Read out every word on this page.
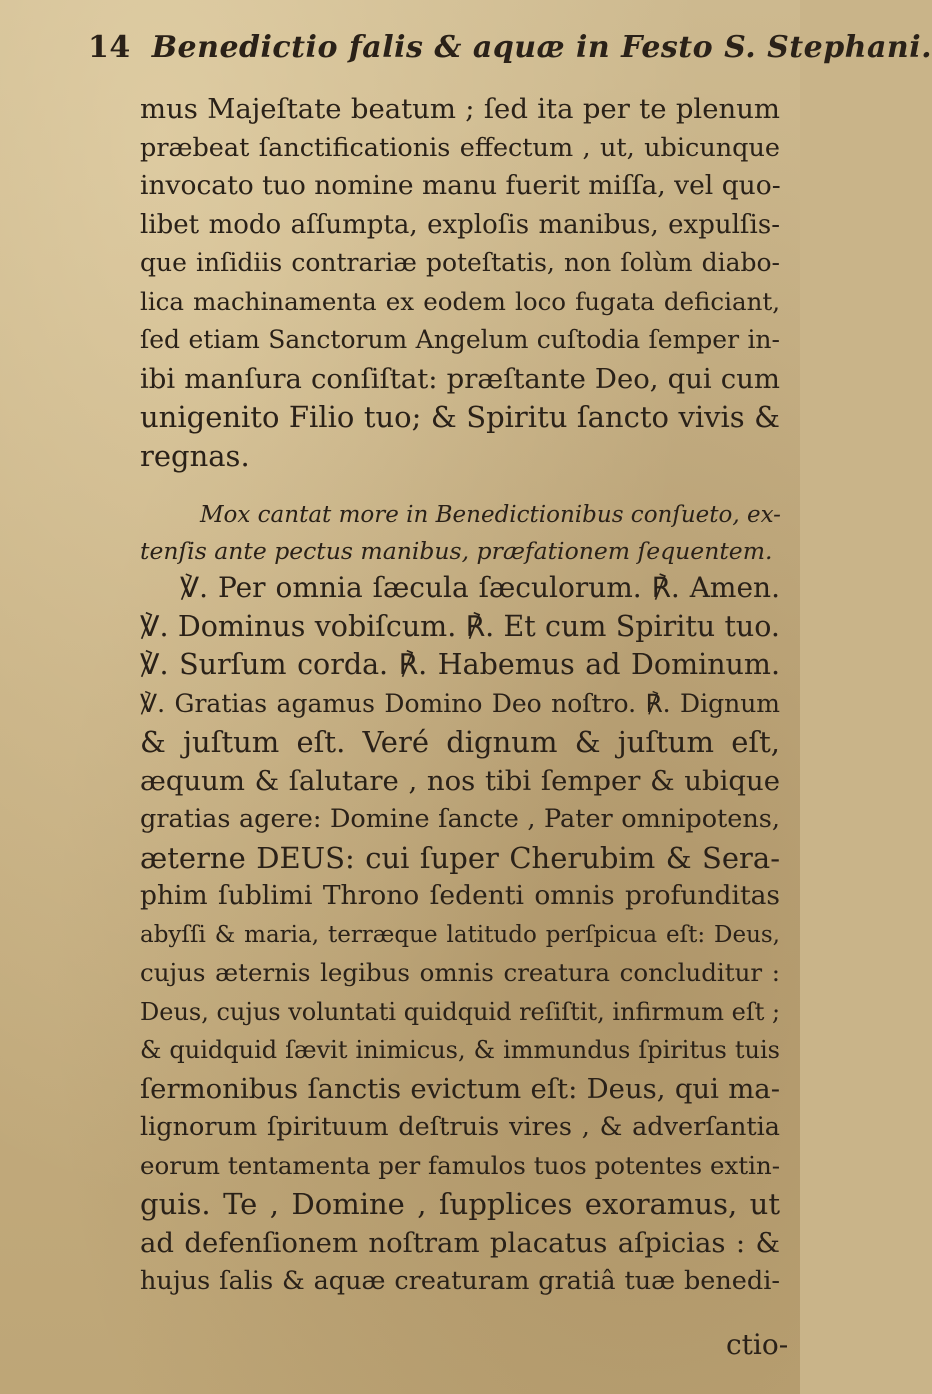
14 Benedictio falis & aquæ in Festo S. Stephani.
mus Majeſtate beatum ; ſed ita per te plenum
præbeat ſanctificationis effectum , ut, ubicunque
invocato tuo nomine manu fuerit miſſa, vel quo-
libet modo aſſumpta, exploſis manibus, expulſis-
que inſidiis contrariæ poteſtatis, non ſolùm diabo-
lica machinamenta ex eodem loco fugata deficiant,
ſed etiam Sanctorum Angelum cuſtodia ſemper in-
ibi manſura conſiſtat: præſtante Deo, qui cum
unigenito Filio tuo; & Spiritu ſancto vivis &
regnas.
Mox cantat more in Benedictionibus conſueto, ex-
tenſis ante pectus manibus, præfationem ſequentem.
℣. Per omnia ſæcula ſæculorum. ℟. Amen.
℣. Dominus vobiſcum. ℟. Et cum Spiritu tuo.
℣. Surſum corda. ℟. Habemus ad Dominum.
℣. Gratias agamus Domino Deo noſtro. ℟. Dignum
& juſtum eſt. Veré dignum & juſtum eſt,
æquum & ſalutare , nos tibi ſemper & ubique
gratias agere: Domine ſancte , Pater omnipotens,
æterne DEUS: cui ſuper Cherubim & Sera-
phim ſublimi Throno ſedenti omnis profunditas
abyſſi & maria, terræque latitudo perſpicua eſt: Deus,
cujus æternis legibus omnis creatura concluditur :
Deus, cujus voluntati quidquid reſiſtit, infirmum eſt ;
& quidquid ſævit inimicus, & immundus ſpiritus tuis
ſermonibus ſanctis evictum eſt: Deus, qui ma-
lignorum ſpirituum deſtruis vires , & adverſantia
eorum tentamenta per famulos tuos potentes extin-
guis. Te , Domine , ſupplices exoramus, ut
ad defenſionem noſtram placatus aſpicias : &
hujus ſalis & aquæ creaturam gratiâ tuæ benedi-
ctio-
